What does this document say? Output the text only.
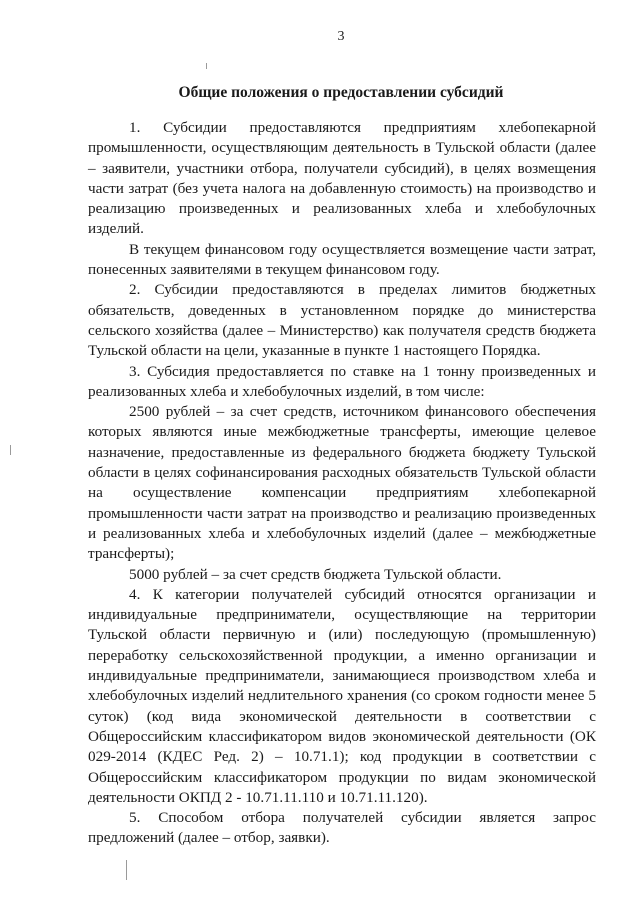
3
Общие положения о предоставлении субсидий

1. Субсидии предоставляются предприятиям хлебопекарной промышленности, осуществляющим деятельность в Тульской области (далее – заявители, участники отбора, получатели субсидий), в целях возмещения части затрат (без учета налога на добавленную стоимость) на производство и реализацию произведенных и реализованных хлеба и хлебобулочных изделий.

В текущем финансовом году осуществляется возмещение части затрат, понесенных заявителями в текущем финансовом году.

2. Субсидии предоставляются в пределах лимитов бюджетных обязательств, доведенных в установленном порядке до министерства сельского хозяйства (далее – Министерство) как получателя средств бюджета Тульской области на цели, указанные в пункте 1 настоящего Порядка.

3. Субсидия предоставляется по ставке на 1 тонну произведенных и реализованных хлеба и хлебобулочных изделий, в том числе:

2500 рублей – за счет средств, источником финансового обеспечения которых являются иные межбюджетные трансферты, имеющие целевое назначение, предоставленные из федерального бюджета бюджету Тульской области в целях софинансирования расходных обязательств Тульской области на осуществление компенсации предприятиям хлебопекарной промышленности части затрат на производство и реализацию произведенных и реализованных хлеба и хлебобулочных изделий (далее – межбюджетные трансферты);

5000 рублей – за счет средств бюджета Тульской области.

4. К категории получателей субсидий относятся организации и индивидуальные предприниматели, осуществляющие на территории Тульской области первичную и (или) последующую (промышленную) переработку сельскохозяйственной продукции, а именно организации и индивидуальные предприниматели, занимающиеся производством хлеба и хлебобулочных изделий недлительного хранения (со сроком годности менее 5 суток) (код вида экономической деятельности в соответствии с Общероссийским классификатором видов экономической деятельности (ОК 029-2014 (КДЕС Ред. 2) – 10.71.1); код продукции в соответствии с Общероссийским классификатором продукции по видам экономической деятельности ОКПД 2 - 10.71.11.110 и 10.71.11.120).

5. Способом отбора получателей субсидии является запрос предложений (далее – отбор, заявки).
